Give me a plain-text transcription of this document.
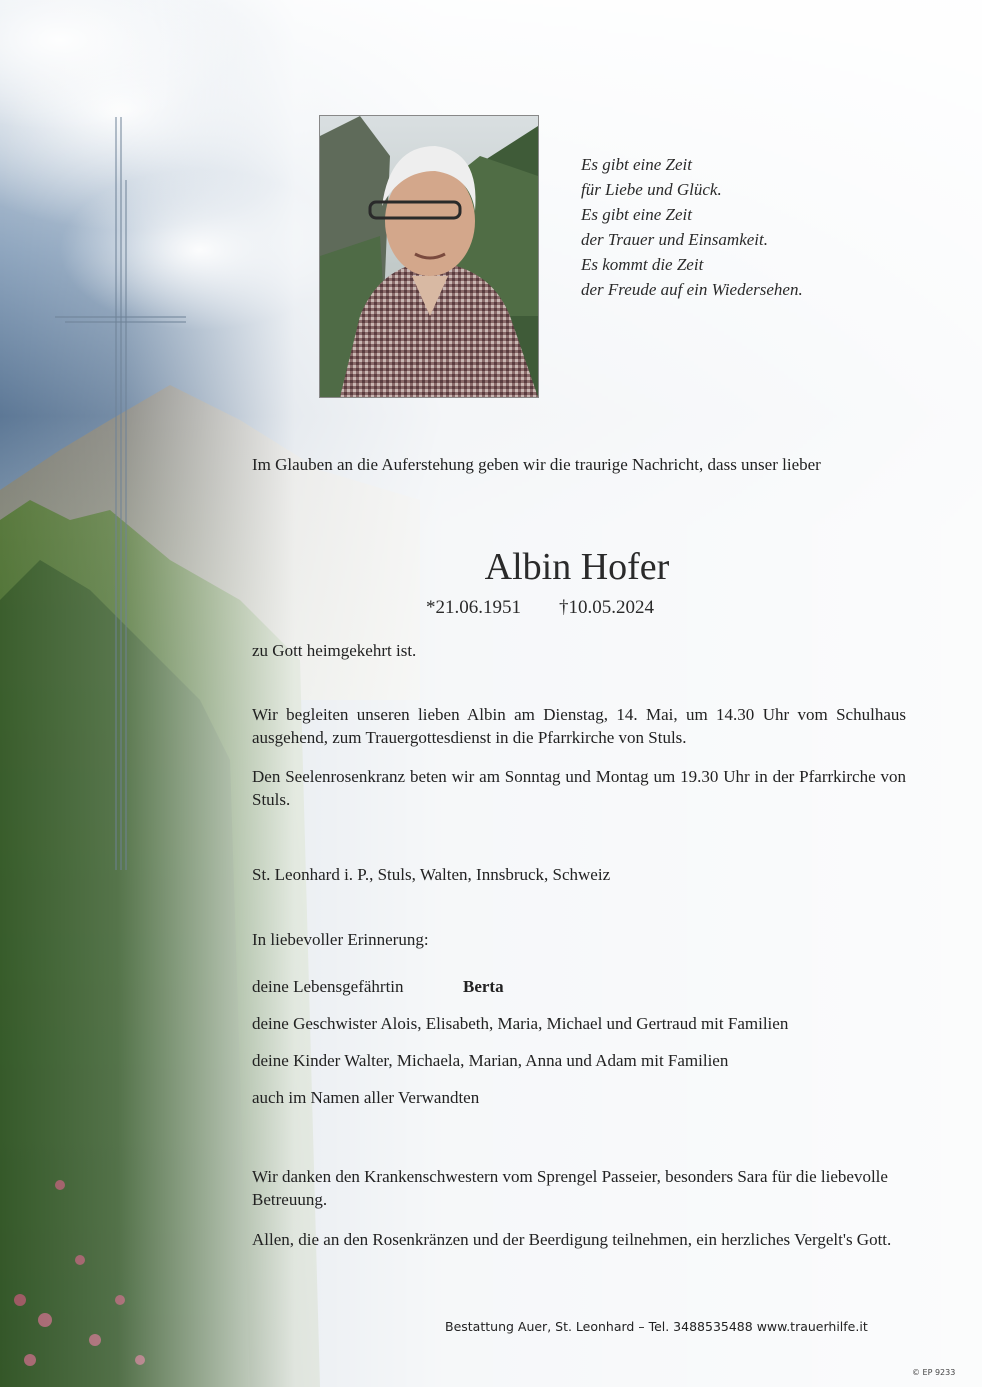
Es gibt eine Zeit
für Liebe und Glück.
Es gibt eine Zeit
der Trauer und Einsamkeit.
Es kommt die Zeit
der Freude auf ein Wiedersehen.
Im Glauben an die Auferstehung geben wir die traurige Nachricht, dass unser lieber
Albin Hofer
*21.06.1951 †10.05.2024
zu Gott heimgekehrt ist.
Wir begleiten unseren lieben Albin am Dienstag, 14. Mai, um 14.30 Uhr vom Schulhaus ausgehend, zum Trauergottesdienst in die Pfarrkirche von Stuls.
Den Seelenrosenkranz beten wir am Sonntag und Montag um 19.30 Uhr in der Pfarrkirche von Stuls.
St. Leonhard i. P., Stuls, Walten, Innsbruck, Schweiz
In liebevoller Erinnerung:
deine Lebensgefährtin	Berta
deine Geschwister Alois, Elisabeth, Maria, Michael und Gertraud mit Familien
deine Kinder Walter, Michaela, Marian, Anna und Adam mit Familien
auch im Namen aller Verwandten
Wir danken den Krankenschwestern vom Sprengel Passeier, besonders Sara für die liebevolle Betreuung.
Allen, die an den Rosenkränzen und der Beerdigung teilnehmen, ein herzliches Vergelt's Gott.
Bestattung Auer, St. Leonhard – Tel. 3488535488 www.trauerhilfe.it
© EP 9233
